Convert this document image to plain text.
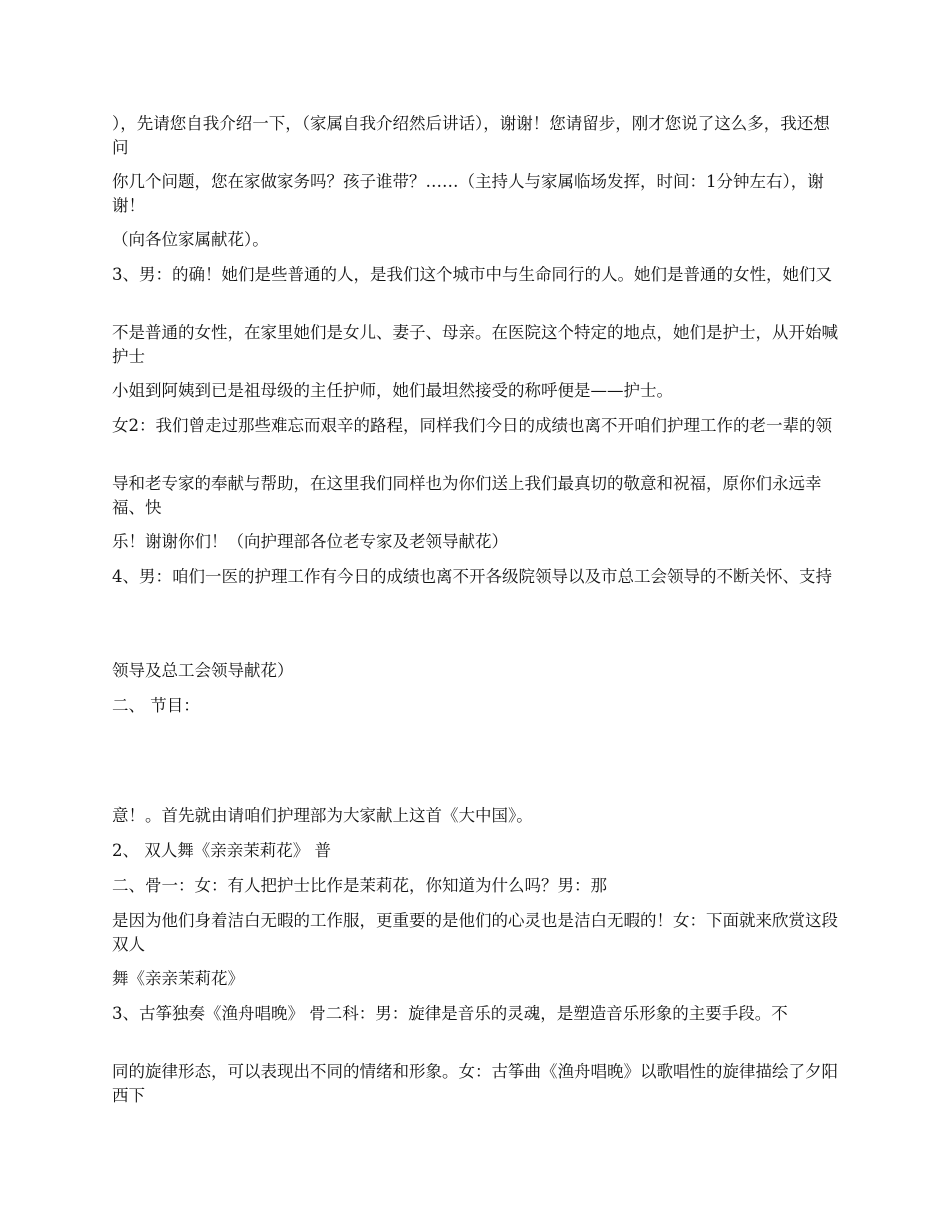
），先请您自我介绍一下，（家属自我介绍然后讲话），谢谢！您请留步，刚才您说了这么多，我还想问

你几个问题，您在家做家务吗？孩子谁带？……（主持人与家属临场发挥，时间：1分钟左右），谢谢！

（向各位家属献花）。

3、男：的确！她们是些普通的人，是我们这个城市中与生命同行的人。她们是普通的女性，她们又

不是普通的女性，在家里她们是女儿、妻子、母亲。在医院这个特定的地点，她们是护士，从开始喊护士

小姐到阿姨到已是祖母级的主任护师，她们最坦然接受的称呼便是——护士。

女2：我们曾走过那些难忘而艰辛的路程，同样我们今日的成绩也离不开咱们护理工作的老一辈的领

导和老专家的奉献与帮助，在这里我们同样也为你们送上我们最真切的敬意和祝福，原你们永远幸福、快

乐！谢谢你们！（向护理部各位老专家及老领导献花）

4、男：咱们一医的护理工作有今日的成绩也离不开各级院领导以及市总工会领导的不断关怀、支持

领导及总工会领导献花）

二、 节目：

意！。首先就由请咱们护理部为大家献上这首《大中国》。

2、 双人舞《亲亲茉莉花》 普

二、骨一：女：有人把护士比作是茉莉花，你知道为什么吗？男：那

是因为他们身着洁白无暇的工作服，更重要的是他们的心灵也是洁白无暇的！女：下面就来欣赏这段双人

舞《亲亲茉莉花》

3、古筝独奏《渔舟唱晚》 骨二科：男：旋律是音乐的灵魂，是塑造音乐形象的主要手段。不

同的旋律形态，可以表现出不同的情绪和形象。女：古筝曲《渔舟唱晚》以歌唱性的旋律描绘了夕阳西下
